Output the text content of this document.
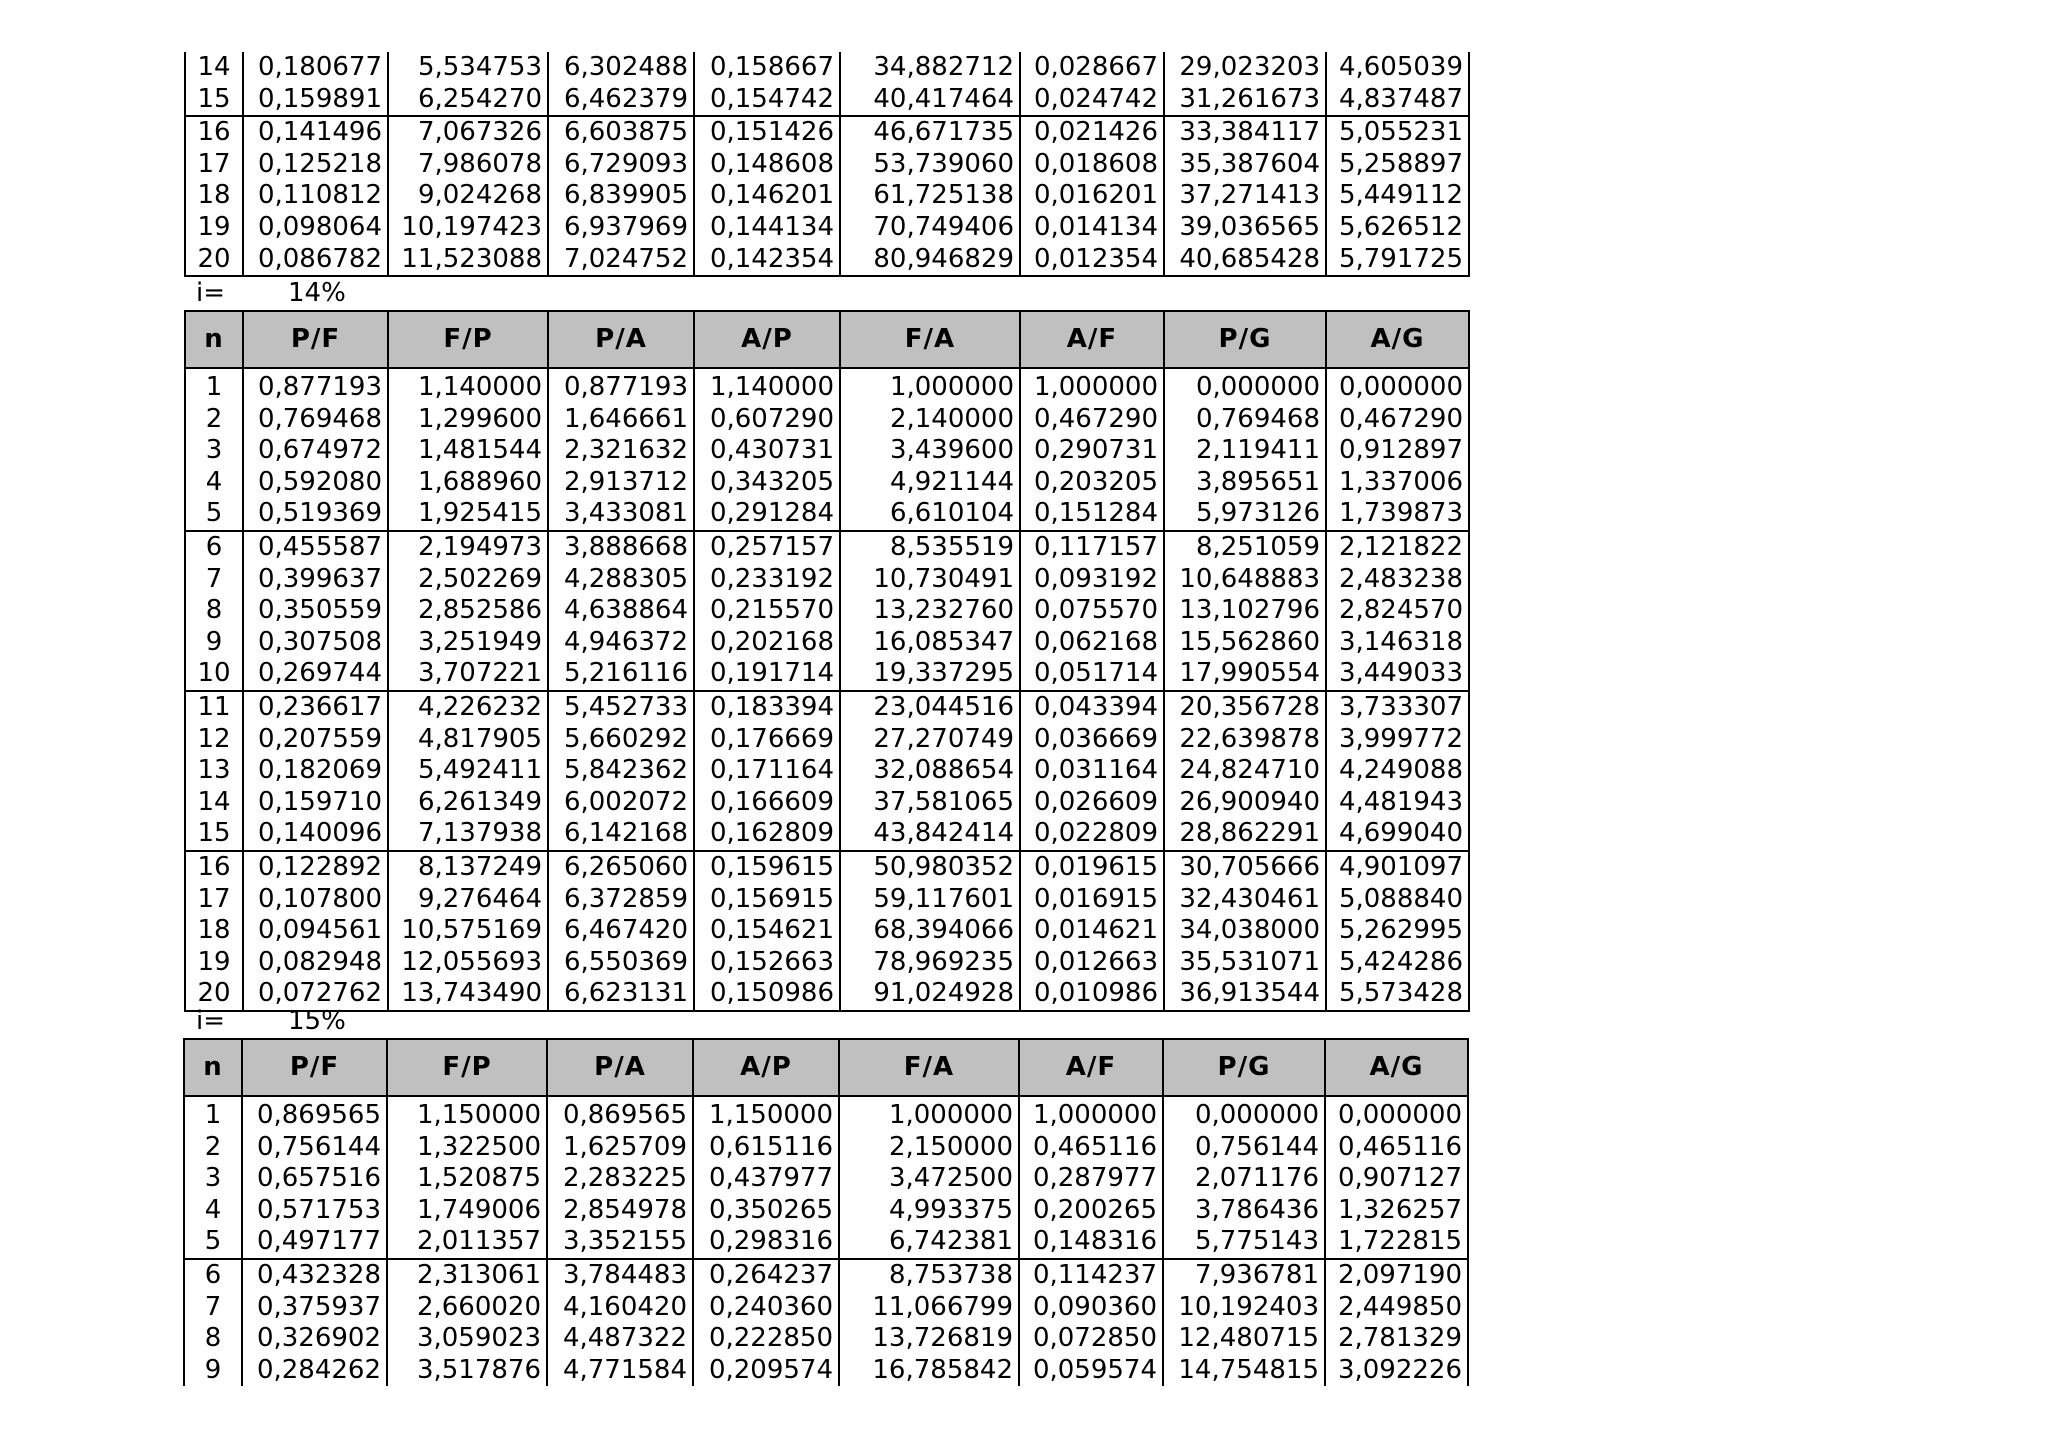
14	0,180677	5,534753	6,302488	0,158667	34,882712	0,028667	29,023203	4,605039
15	0,159891	6,254270	6,462379	0,154742	40,417464	0,024742	31,261673	4,837487
16	0,141496	7,067326	6,603875	0,151426	46,671735	0,021426	33,384117	5,055231
17	0,125218	7,986078	6,729093	0,148608	53,739060	0,018608	35,387604	5,258897
18	0,110812	9,024268	6,839905	0,146201	61,725138	0,016201	37,271413	5,449112
19	0,098064	10,197423	6,937969	0,144134	70,749406	0,014134	39,036565	5,626512
20	0,086782	11,523088	7,024752	0,142354	80,946829	0,012354	40,685428	5,791725
i= 14%
n	P/F	F/P	P/A	A/P	F/A	A/F	P/G	A/G

1	0,877193	1,140000	0,877193	1,140000	1,000000	1,000000	0,000000	0,000000
2	0,769468	1,299600	1,646661	0,607290	2,140000	0,467290	0,769468	0,467290
3	0,674972	1,481544	2,321632	0,430731	3,439600	0,290731	2,119411	0,912897
4	0,592080	1,688960	2,913712	0,343205	4,921144	0,203205	3,895651	1,337006
5	0,519369	1,925415	3,433081	0,291284	6,610104	0,151284	5,973126	1,739873
6	0,455587	2,194973	3,888668	0,257157	8,535519	0,117157	8,251059	2,121822
7	0,399637	2,502269	4,288305	0,233192	10,730491	0,093192	10,648883	2,483238
8	0,350559	2,852586	4,638864	0,215570	13,232760	0,075570	13,102796	2,824570
9	0,307508	3,251949	4,946372	0,202168	16,085347	0,062168	15,562860	3,146318
10	0,269744	3,707221	5,216116	0,191714	19,337295	0,051714	17,990554	3,449033
11	0,236617	4,226232	5,452733	0,183394	23,044516	0,043394	20,356728	3,733307
12	0,207559	4,817905	5,660292	0,176669	27,270749	0,036669	22,639878	3,999772
13	0,182069	5,492411	5,842362	0,171164	32,088654	0,031164	24,824710	4,249088
14	0,159710	6,261349	6,002072	0,166609	37,581065	0,026609	26,900940	4,481943
15	0,140096	7,137938	6,142168	0,162809	43,842414	0,022809	28,862291	4,699040
16	0,122892	8,137249	6,265060	0,159615	50,980352	0,019615	30,705666	4,901097
17	0,107800	9,276464	6,372859	0,156915	59,117601	0,016915	32,430461	5,088840
18	0,094561	10,575169	6,467420	0,154621	68,394066	0,014621	34,038000	5,262995
19	0,082948	12,055693	6,550369	0,152663	78,969235	0,012663	35,531071	5,424286
20	0,072762	13,743490	6,623131	0,150986	91,024928	0,010986	36,913544	5,573428
i= 15%
n	P/F	F/P	P/A	A/P	F/A	A/F	P/G	A/G

1	0,869565	1,150000	0,869565	1,150000	1,000000	1,000000	0,000000	0,000000
2	0,756144	1,322500	1,625709	0,615116	2,150000	0,465116	0,756144	0,465116
3	0,657516	1,520875	2,283225	0,437977	3,472500	0,287977	2,071176	0,907127
4	0,571753	1,749006	2,854978	0,350265	4,993375	0,200265	3,786436	1,326257
5	0,497177	2,011357	3,352155	0,298316	6,742381	0,148316	5,775143	1,722815
6	0,432328	2,313061	3,784483	0,264237	8,753738	0,114237	7,936781	2,097190
7	0,375937	2,660020	4,160420	0,240360	11,066799	0,090360	10,192403	2,449850
8	0,326902	3,059023	4,487322	0,222850	13,726819	0,072850	12,480715	2,781329
9	0,284262	3,517876	4,771584	0,209574	16,785842	0,059574	14,754815	3,092226
